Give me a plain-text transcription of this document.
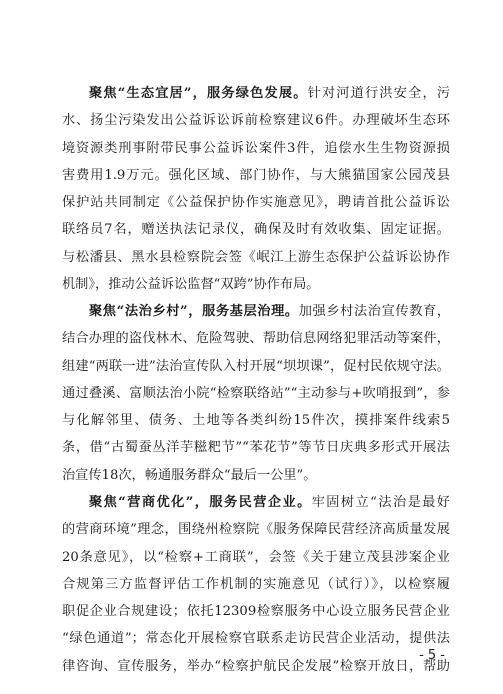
聚焦“生态宜居”，服务绿色发展。针对河道行洪安全，污
水、扬尘污染发出公益诉讼诉前检察建议6件。办理破坏生态环
境资源类刑事附带民事公益诉讼案件3件，追偿水生生物资源损
害费用1.9万元。强化区域、部门协作，与大熊猫国家公园茂县
保护站共同制定《公益保护协作实施意见》，聘请首批公益诉讼
联络员7名，赠送执法记录仪，确保及时有效收集、固定证据。
与松潘县、黑水县检察院会签《岷江上游生态保护公益诉讼协作
机制》，推动公益诉讼监督“双跨”协作布局。
聚焦“法治乡村”，服务基层治理。加强乡村法治宣传教育，
结合办理的盗伐林木、危险驾驶、帮助信息网络犯罪活动等案件，
组建“两联一进”法治宣传队入村开展“坝坝课”，促村民依规守法。
通过叠溪、富顺法治小院“检察联络站”“主动参与+吹哨报到”，参
与化解邻里、债务、土地等各类纠纷15件次，摸排案件线索5
条，借“古蜀蚕丛洋芋糍粑节”“苯花节”等节日庆典多形式开展法
治宣传18次，畅通服务群众“最后一公里”。
聚焦“营商优化”，服务民营企业。牢固树立“法治是最好
的营商环境”理念，围绕州检察院《服务保障民营经济高质量发展
20条意见》，以“检察+工商联”，会签《关于建立茂县涉案企业
合规第三方监督评估工作机制的实施意见（试行）》，以检察履
职促企业合规建设；依托12309检察服务中心设立服务民营企业
“绿色通道”；常态化开展检察官联系走访民营企业活动，提供法
律咨询、宣传服务，举办“检察护航民企发展”检察开放日，帮助
- 5 -
